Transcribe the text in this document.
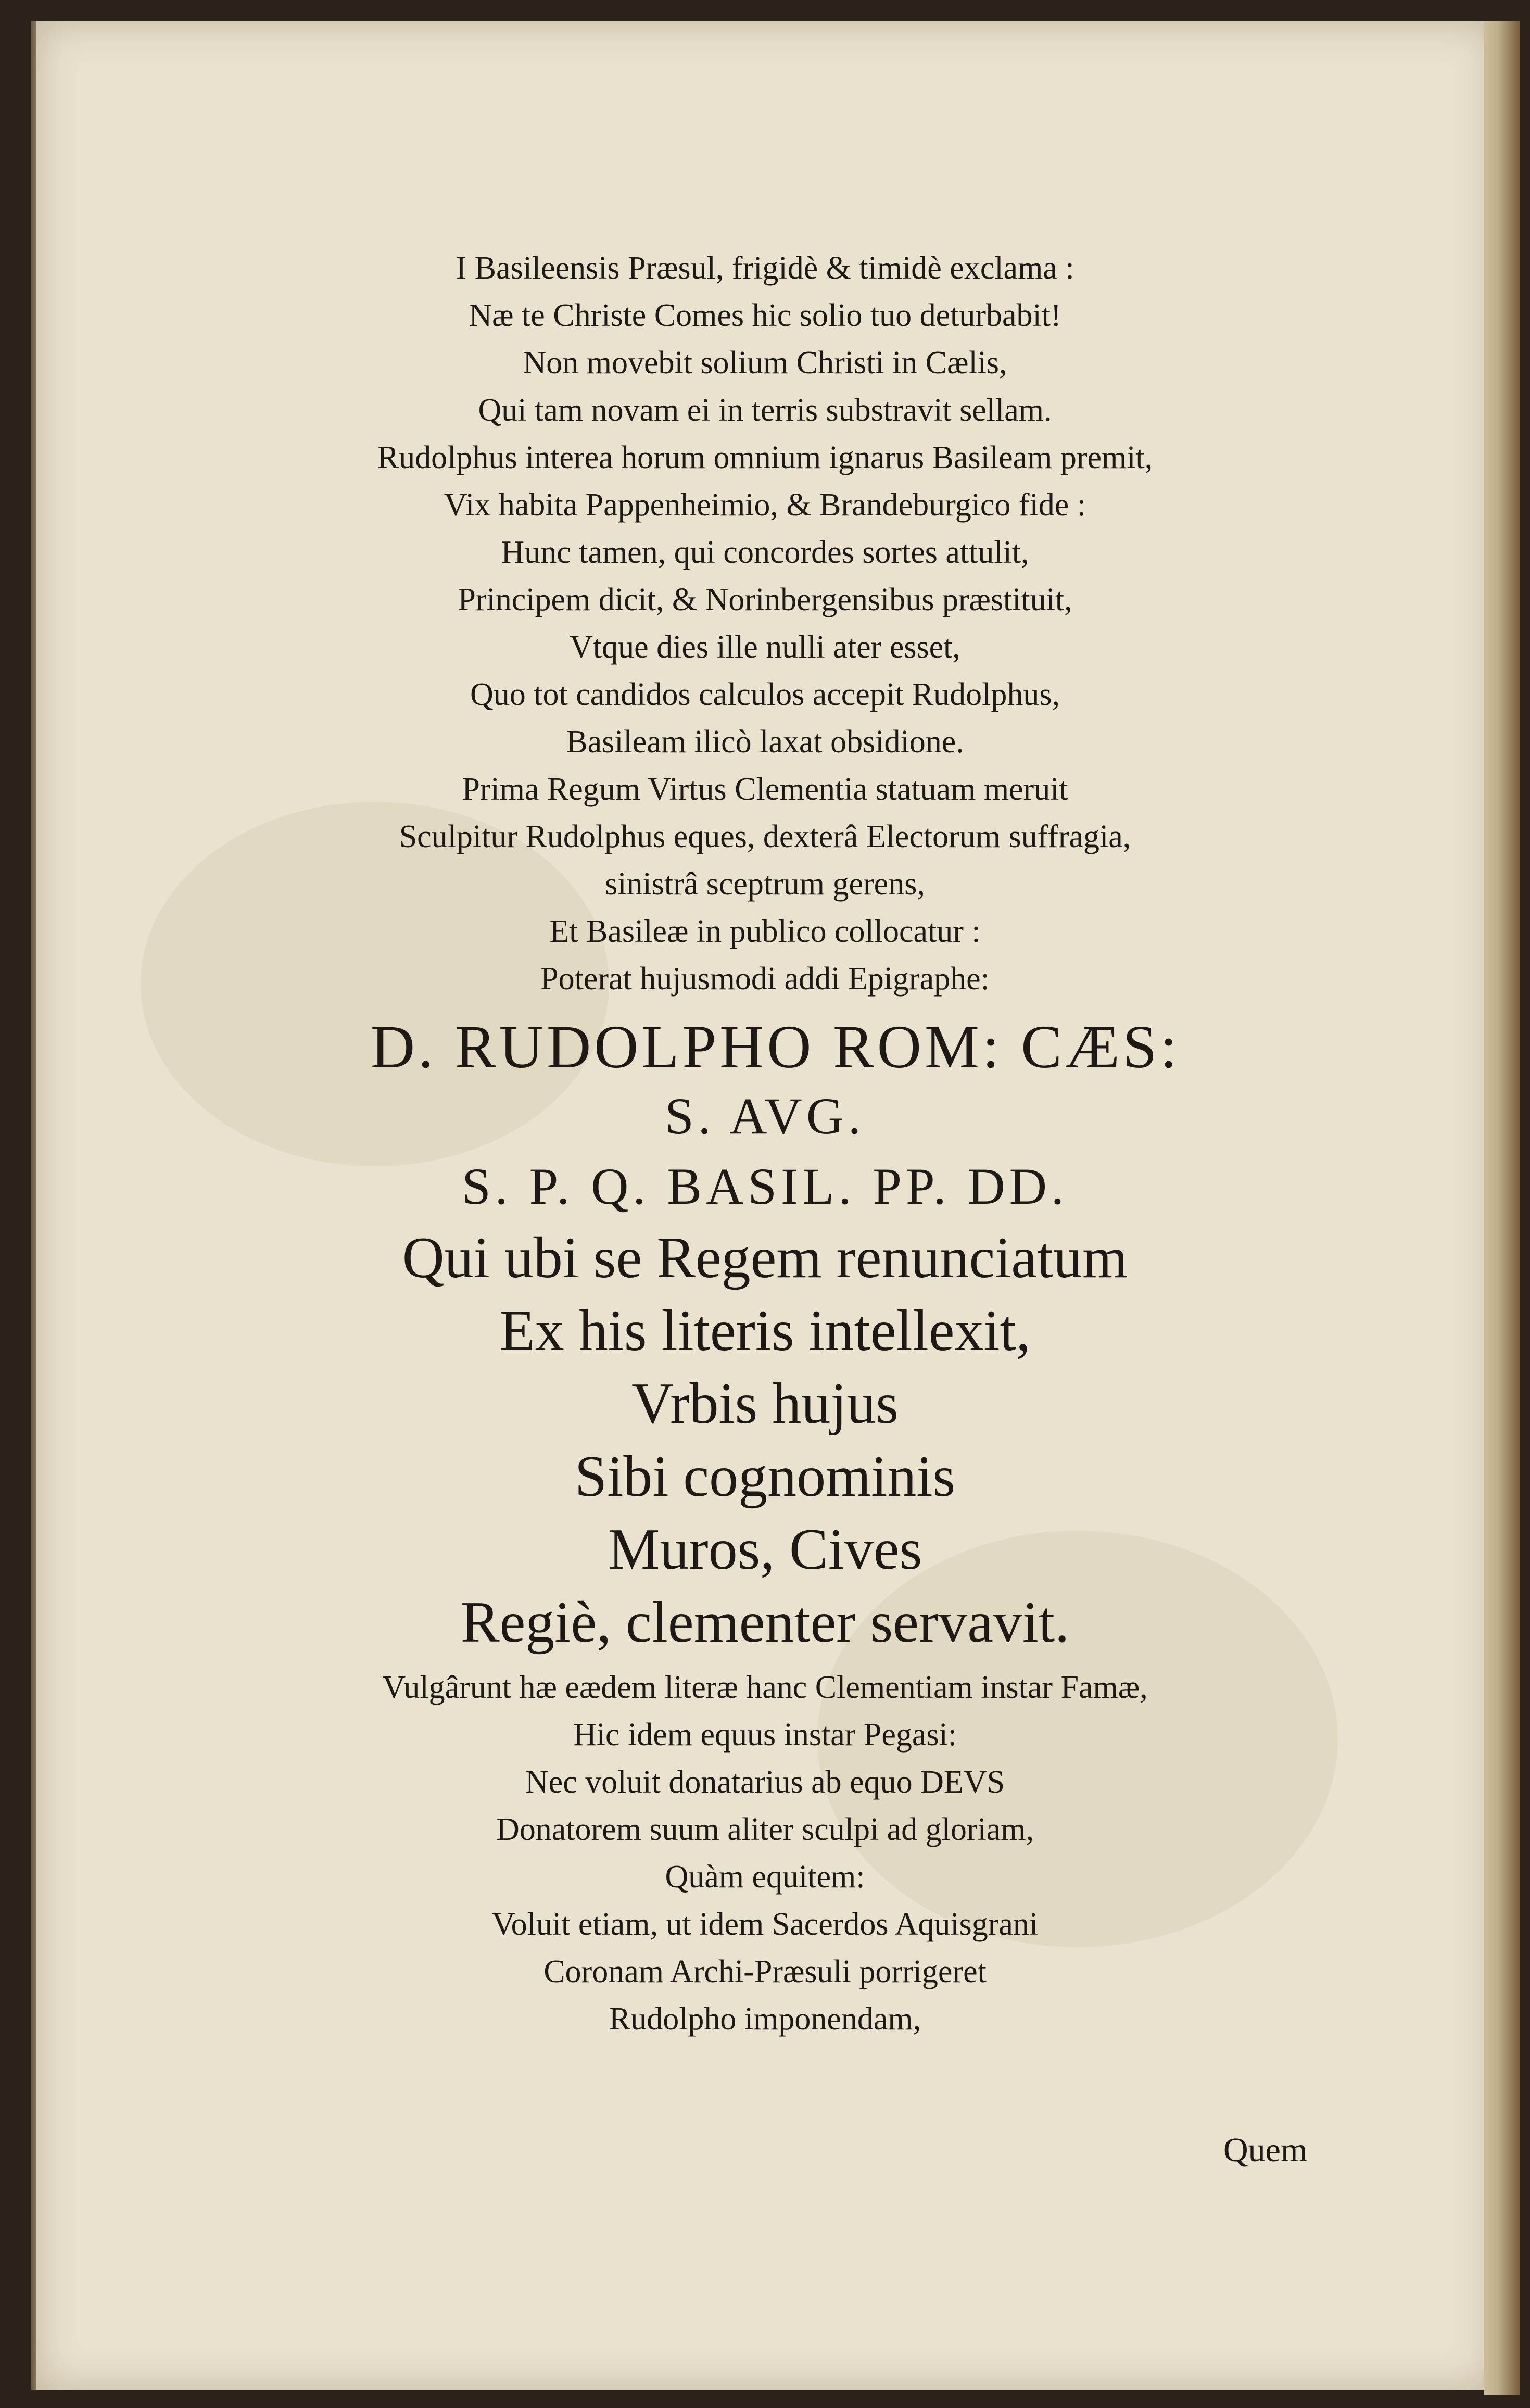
I Basileensis Præsul, frigidè & timidè exclama :
Næ te Christe Comes hic solio tuo deturbabit!
Non movebit solium Christi in Cælis,
Qui tam novam ei in terris substravit sellam.
Rudolphus interea horum omnium ignarus Basileam premit,
Vix habita Pappenheimio, & Brandeburgico fide :
Hunc tamen, qui concordes sortes attulit,
Principem dicit, & Norinbergensibus præstituit,
Vtque dies ille nulli ater esset,
Quo tot candidos calculos accepit Rudolphus,
Basileam ilicò laxat obsidione.
Prima Regum Virtus Clementia statuam meruit
Sculpitur Rudolphus eques, dexterâ Electorum suffragia,
sinistrâ sceptrum gerens,
Et Basileæ in publico collocatur :
Poterat hujusmodi addi Epigraphe:
D. RUDOLPHO ROM: CÆS:
S. AVG.
S. P. Q. BASIL. PP. DD.
Qui ubi se Regem renunciatum
Ex his literis intellexit,
Vrbis hujus
Sibi cognominis
Muros, Cives
Regiè, clementer servavit.
Vulgârunt hæ eædem literæ hanc Clementiam instar Famæ,
Hic idem equus instar Pegasi:
Nec voluit donatarius ab equo DEVS
Donatorem suum aliter sculpi ad gloriam,
Quàm equitem:
Voluit etiam, ut idem Sacerdos Aquisgrani
Coronam Archi-Præsuli porrigeret
Rudolpho imponendam,
Quem
